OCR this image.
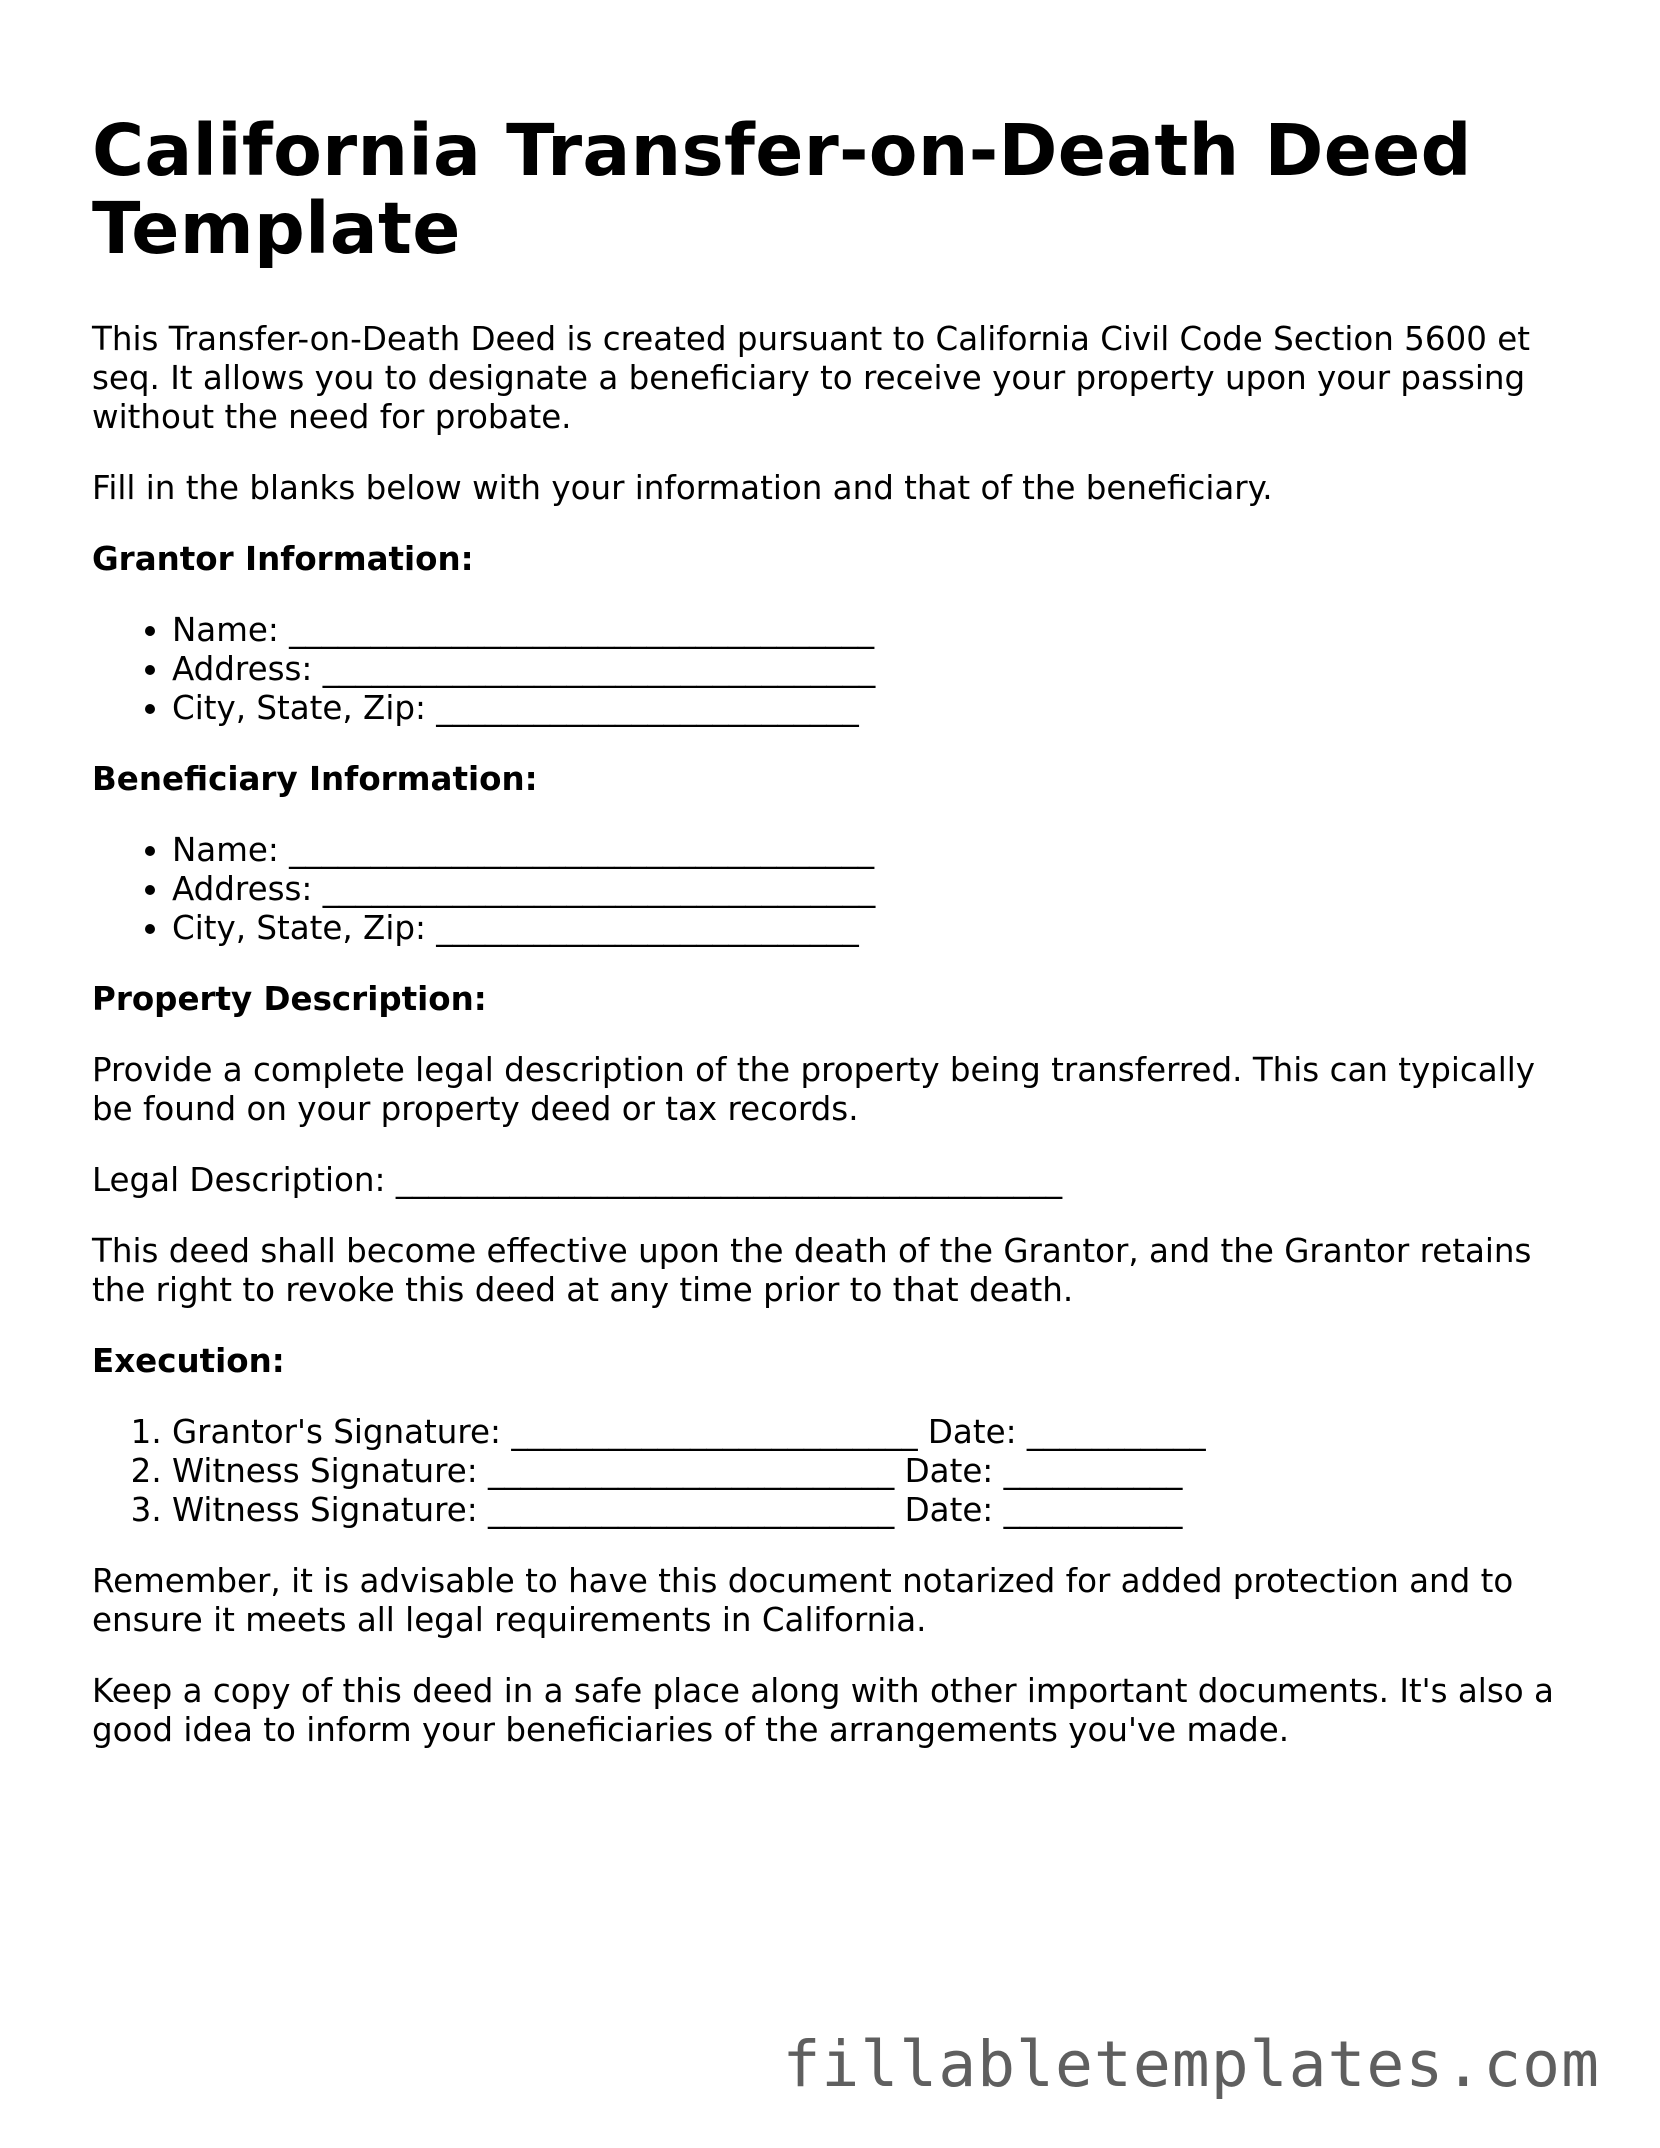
California Transfer-on-Death Deed Template

This Transfer-on-Death Deed is created pursuant to California Civil Code Section 5600 et seq. It allows you to designate a beneficiary to receive your property upon your passing without the need for probate.

Fill in the blanks below with your information and that of the beneficiary.

Grantor Information:
• Name: ____________________________________
• Address: __________________________________
• City, State, Zip: __________________________
Beneficiary Information:
• Name: ____________________________________
• Address: __________________________________
• City, State, Zip: __________________________
Property Description:

Provide a complete legal description of the property being transferred. This can typically be found on your property deed or tax records.

Legal Description: _________________________________________

This deed shall become effective upon the death of the Grantor, and the Grantor retains the right to revoke this deed at any time prior to that death.

Execution:
1. Grantor's Signature: _________________________ Date: ___________
2. Witness Signature: _________________________ Date: ___________
3. Witness Signature: _________________________ Date: ___________

Remember, it is advisable to have this document notarized for added protection and to ensure it meets all legal requirements in California.

Keep a copy of this deed in a safe place along with other important documents. It's also a good idea to inform your beneficiaries of the arrangements you've made.

fillabletemplates.com
